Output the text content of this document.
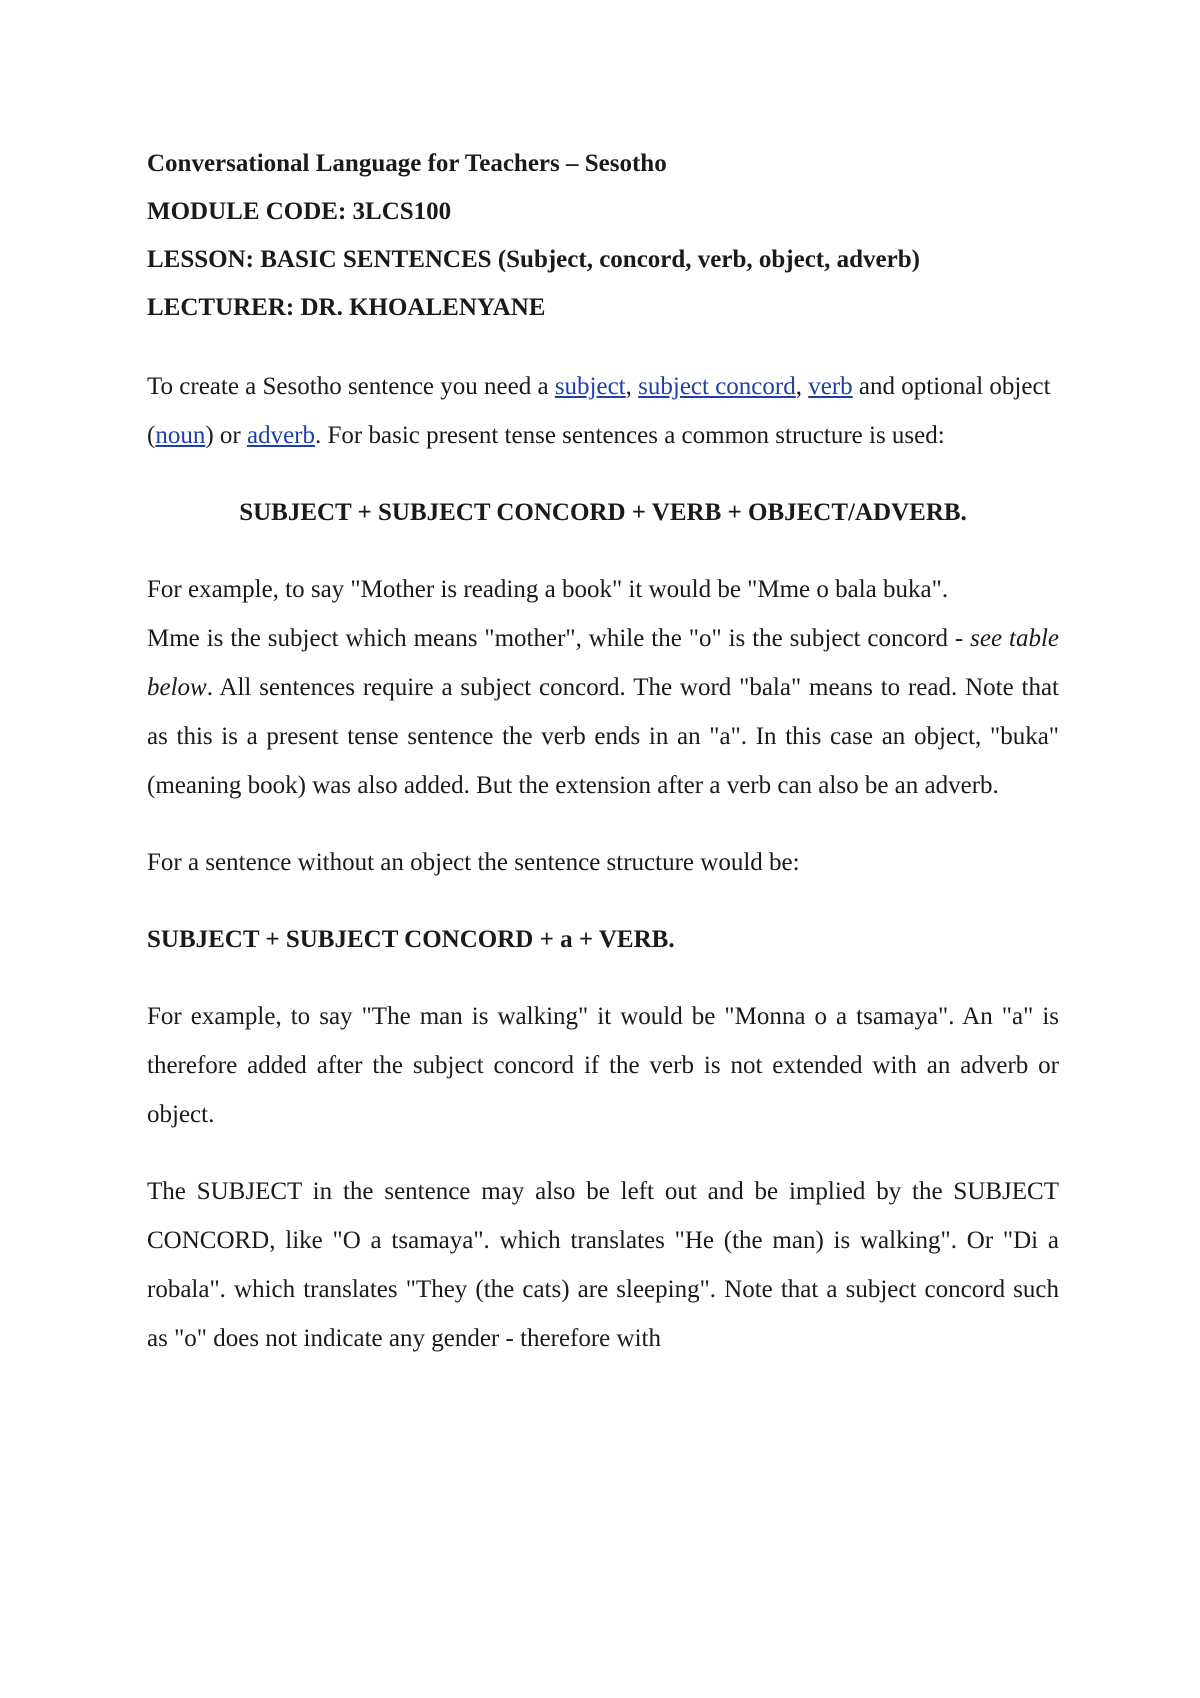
Conversational Language for Teachers – Sesotho

MODULE CODE: 3LCS100

LESSON: BASIC SENTENCES (Subject, concord, verb, object, adverb)

LECTURER: DR. KHOALENYANE

To create a Sesotho sentence you need a subject, subject concord, verb and optional object (noun) or adverb. For basic present tense sentences a common structure is used:

SUBJECT + SUBJECT CONCORD + VERB + OBJECT/ADVERB.

For example, to say "Mother is reading a book" it would be "Mme o bala buka".

Mme is the subject which means "mother", while the "o" is the subject concord - see table below. All sentences require a subject concord. The word "bala" means to read. Note that as this is a present tense sentence the verb ends in an "a". In this case an object, "buka" (meaning book) was also added. But the extension after a verb can also be an adverb.

For a sentence without an object the sentence structure would be:

SUBJECT + SUBJECT CONCORD + a + VERB.

For example, to say "The man is walking" it would be "Monna o a tsamaya". An "a" is therefore added after the subject concord if the verb is not extended with an adverb or object.

The SUBJECT in the sentence may also be left out and be implied by the SUBJECT CONCORD, like "O a tsamaya". which translates "He (the man) is walking". Or "Di a robala". which translates "They (the cats) are sleeping". Note that a subject concord such as "o" does not indicate any gender - therefore with
